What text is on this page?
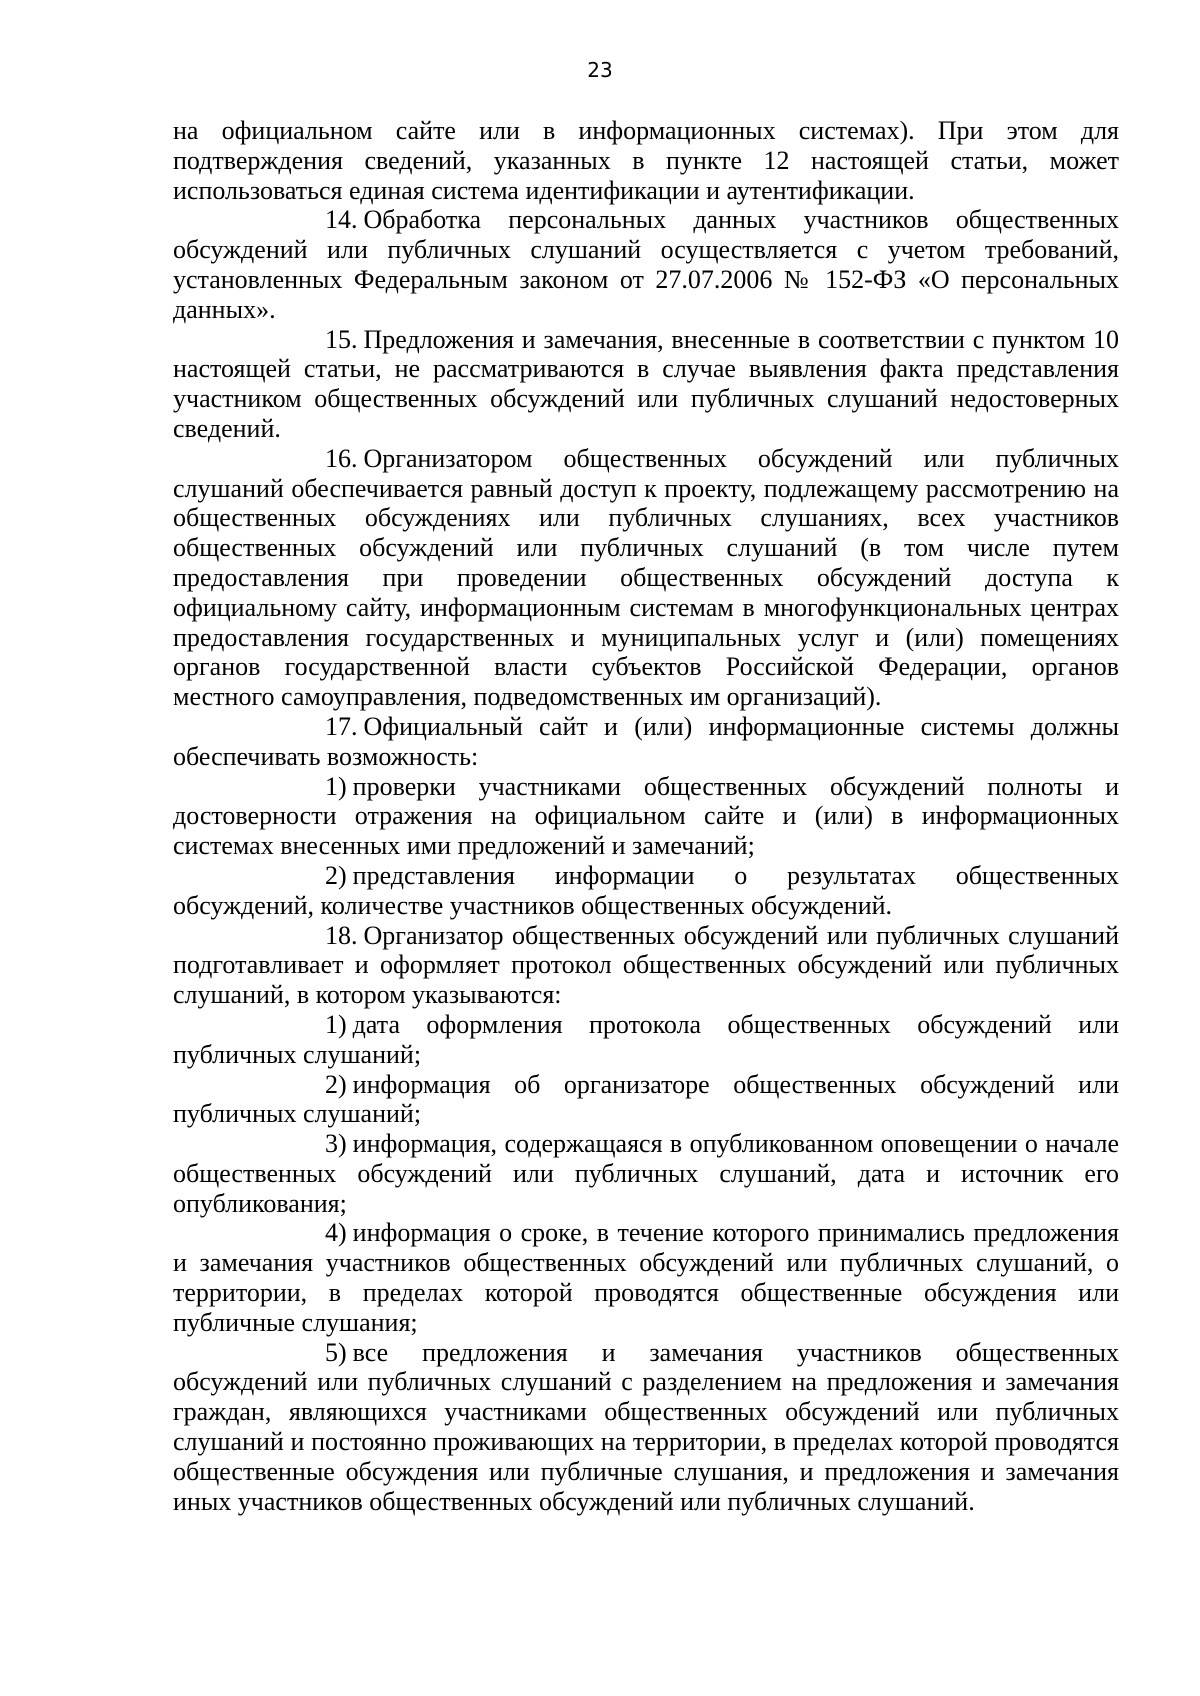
23

на официальном сайте или в информационных системах). При этом для подтверждения сведений, указанных в пункте 12 настоящей статьи, может использоваться единая система идентификации и аутентификации.

14. Обработка персональных данных участников общественных обсуждений или публичных слушаний осуществляется с учетом требований, установленных Федеральным законом от 27.07.2006 № 152-ФЗ «О персональных данных».

15. Предложения и замечания, внесенные в соответствии с пунктом 10 настоящей статьи, не рассматриваются в случае выявления факта представления участником общественных обсуждений или публичных слушаний недостоверных сведений.

16. Организатором общественных обсуждений или публичных слушаний обеспечивается равный доступ к проекту, подлежащему рассмотрению на общественных обсуждениях или публичных слушаниях, всех участников общественных обсуждений или публичных слушаний (в том числе путем предоставления при проведении общественных обсуждений доступа к официальному сайту, информационным системам в многофункциональных центрах предоставления государственных и муниципальных услуг и (или) помещениях органов государственной власти субъектов Российской Федерации, органов местного самоуправления, подведомственных им организаций).

17. Официальный сайт и (или) информационные системы должны обеспечивать возможность:

1) проверки участниками общественных обсуждений полноты и достоверности отражения на официальном сайте и (или) в информационных системах внесенных ими предложений и замечаний;

2) представления информации о результатах общественных обсуждений, количестве участников общественных обсуждений.

18. Организатор общественных обсуждений или публичных слушаний подготавливает и оформляет протокол общественных обсуждений или публичных слушаний, в котором указываются:

1) дата оформления протокола общественных обсуждений или публичных слушаний;

2) информация об организаторе общественных обсуждений или публичных слушаний;

3) информация, содержащаяся в опубликованном оповещении о начале общественных обсуждений или публичных слушаний, дата и источник его опубликования;

4) информация о сроке, в течение которого принимались предложения и замечания участников общественных обсуждений или публичных слушаний, о территории, в пределах которой проводятся общественные обсуждения или публичные слушания;

5) все предложения и замечания участников общественных обсуждений или публичных слушаний с разделением на предложения и замечания граждан, являющихся участниками общественных обсуждений или публичных слушаний и постоянно проживающих на территории, в пределах которой проводятся общественные обсуждения или публичные слушания, и предложения и замечания иных участников общественных обсуждений или публичных слушаний.
